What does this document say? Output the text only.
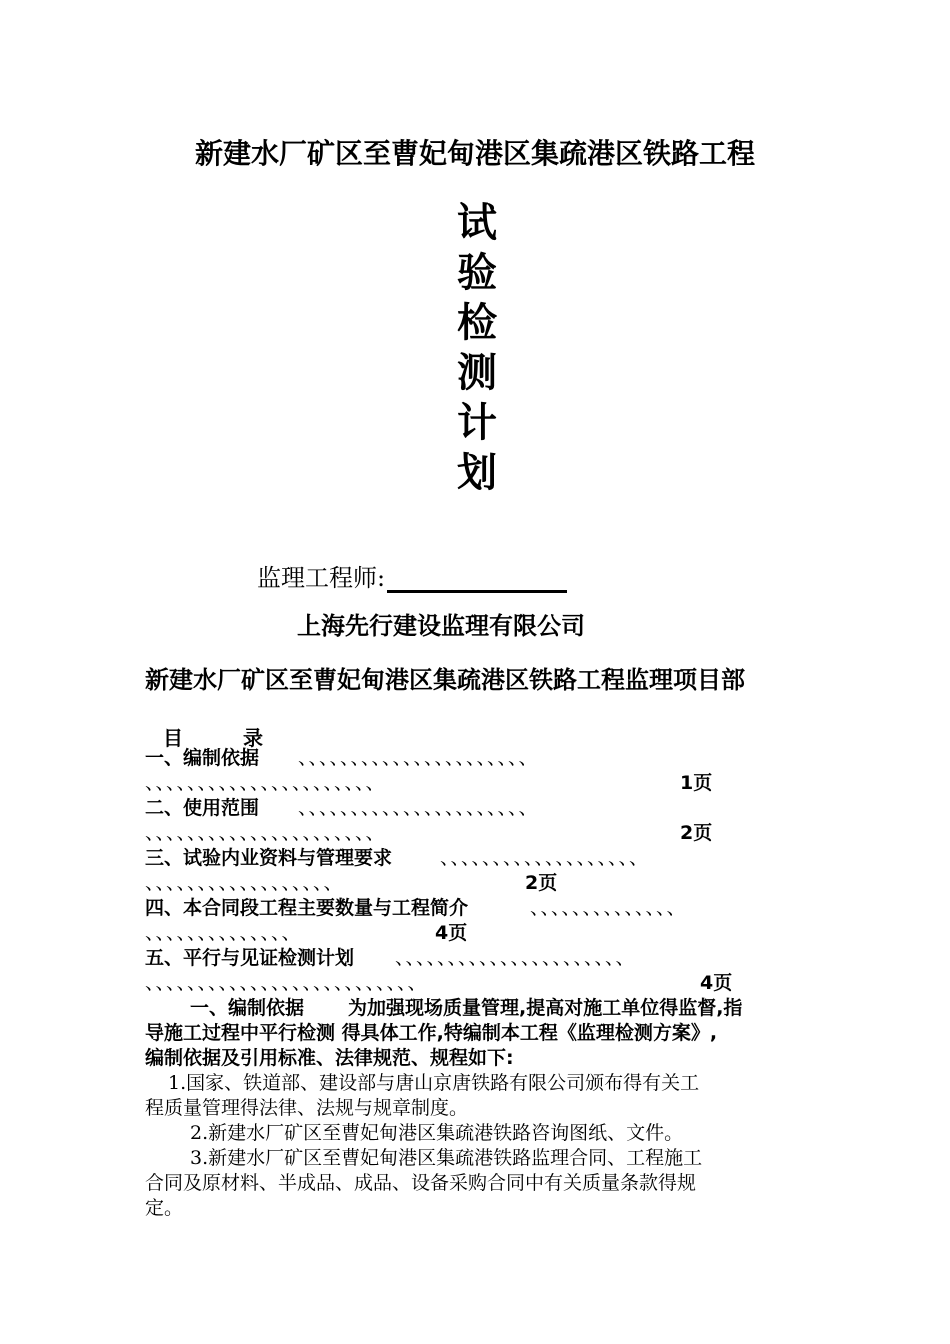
新建水厂矿区至曹妃甸港区集疏港区铁路工程
试
验
检
测
计
划
监理工程师:
上海先行建设监理有限公司
新建水厂矿区至曹妃甸港区集疏港区铁路工程监理项目部
目	录
一、编制依据 、、、、、、、、、、、、、、、、、、、、、、
、、、、、、、、、、、、、、、、、、、、、、	1页
二、使用范围 、、、、、、、、、、、、、、、、、、、、、、
、、、、、、、、、、、、、、、、、、、、、、	2页
三、试验内业资料与管理要求	、、、、、、、、、、、、、、、、、、、
、、、、、、、、、、、、、、、、、、	2页
四、本合同段工程主要数量与工程简介	、、、、、、、、、、、、、、
、、、、、、、、、、、、、、	4页
五、平行与见证检测计划 、、、、、、、、、、、、、、、、、、、、、、
、、、、、、、、、、、、、、、、、、、、、、、、、、	4页
一、编制依据 为加强现场质量管理,提高对施工单位得监督,指
导施工过程中平行检测 得具体工作,特编制本工程《监理检测方案》,
编制依据及引用标准、法律规范、规程如下:
1.国家、铁道部、建设部与唐山京唐铁路有限公司颁布得有关工
程质量管理得法律、法规与规章制度。
2.新建水厂矿区至曹妃甸港区集疏港铁路咨询图纸、文件。
3.新建水厂矿区至曹妃甸港区集疏港铁路监理合同、工程施工
合同及原材料、半成品、成品、设备采购合同中有关质量条款得规
定。
